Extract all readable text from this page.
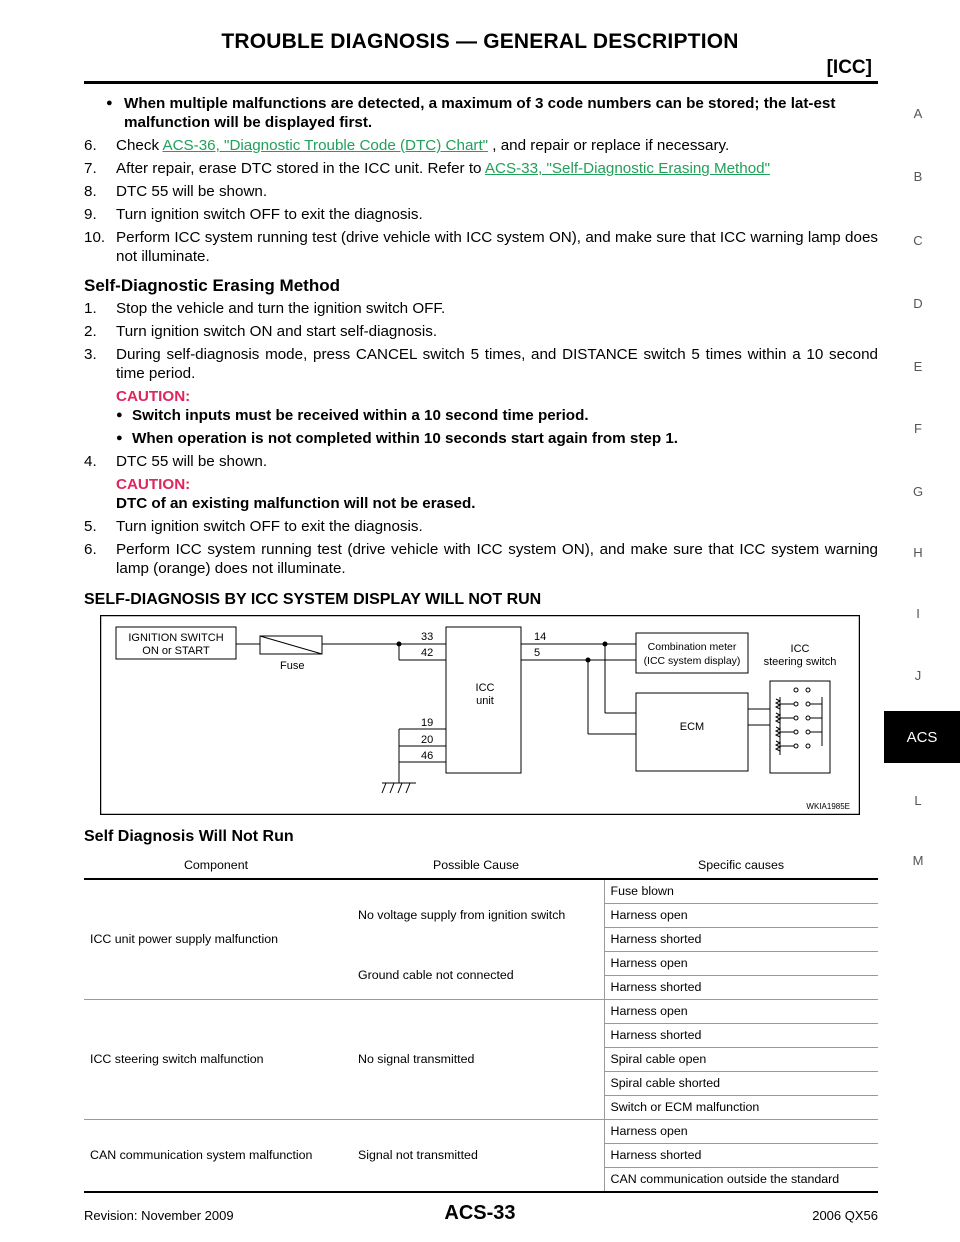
TROUBLE DIAGNOSIS — GENERAL DESCRIPTION
[ICC]
A
B
C
D
E
F
G
H
I
J
ACS
L
M
● When multiple malfunctions are detected, a maximum of 3 code numbers can be stored; the lat-est malfunction will be displayed first.
6. Check ACS-36, "Diagnostic Trouble Code (DTC) Chart" , and repair or replace if necessary.
7. After repair, erase DTC stored in the ICC unit. Refer to ACS-33, "Self-Diagnostic Erasing Method"
8. DTC 55 will be shown.
9. Turn ignition switch OFF to exit the diagnosis.
10. Perform ICC system running test (drive vehicle with ICC system ON), and make sure that ICC warning lamp does not illuminate.
Self-Diagnostic Erasing Method
1. Stop the vehicle and turn the ignition switch OFF.
2. Turn ignition switch ON and start self-diagnosis.
3. During self-diagnosis mode, press CANCEL switch 5 times, and DISTANCE switch 5 times within a 10 second time period.
CAUTION:
● Switch inputs must be received within a 10 second time period.
● When operation is not completed within 10 seconds start again from step 1.
4. DTC 55 will be shown.
CAUTION:
DTC of an existing malfunction will not be erased.
5. Turn ignition switch OFF to exit the diagnosis.
6. Perform ICC system running test (drive vehicle with ICC system ON), and make sure that ICC system warning lamp (orange) does not illuminate.
SELF-DIAGNOSIS BY ICC SYSTEM DISPLAY WILL NOT RUN
IGNITION SWITCH
ON or START
Fuse
ICC
unit
33
42
19
20
46
14
5	Combination meter
(ICC system display)
ECM
ICC
steering switch
WKIA1985E
Self Diagnosis Will Not Run
Component	Possible Cause	Specific causes
ICC unit power supply malfunction	No voltage supply from ignition switch	Fuse blown
		Harness open
		Harness shorted
	Ground cable not connected	Harness open
		Harness shorted
ICC steering switch malfunction	No signal transmitted	Harness open
		Harness shorted
		Spiral cable open
		Spiral cable shorted
		Switch or ECM malfunction
CAN communication system malfunction	Signal not transmitted	Harness open
		Harness shorted
		CAN communication outside the standard
Revision: November 2009	ACS-33	2006 QX56
